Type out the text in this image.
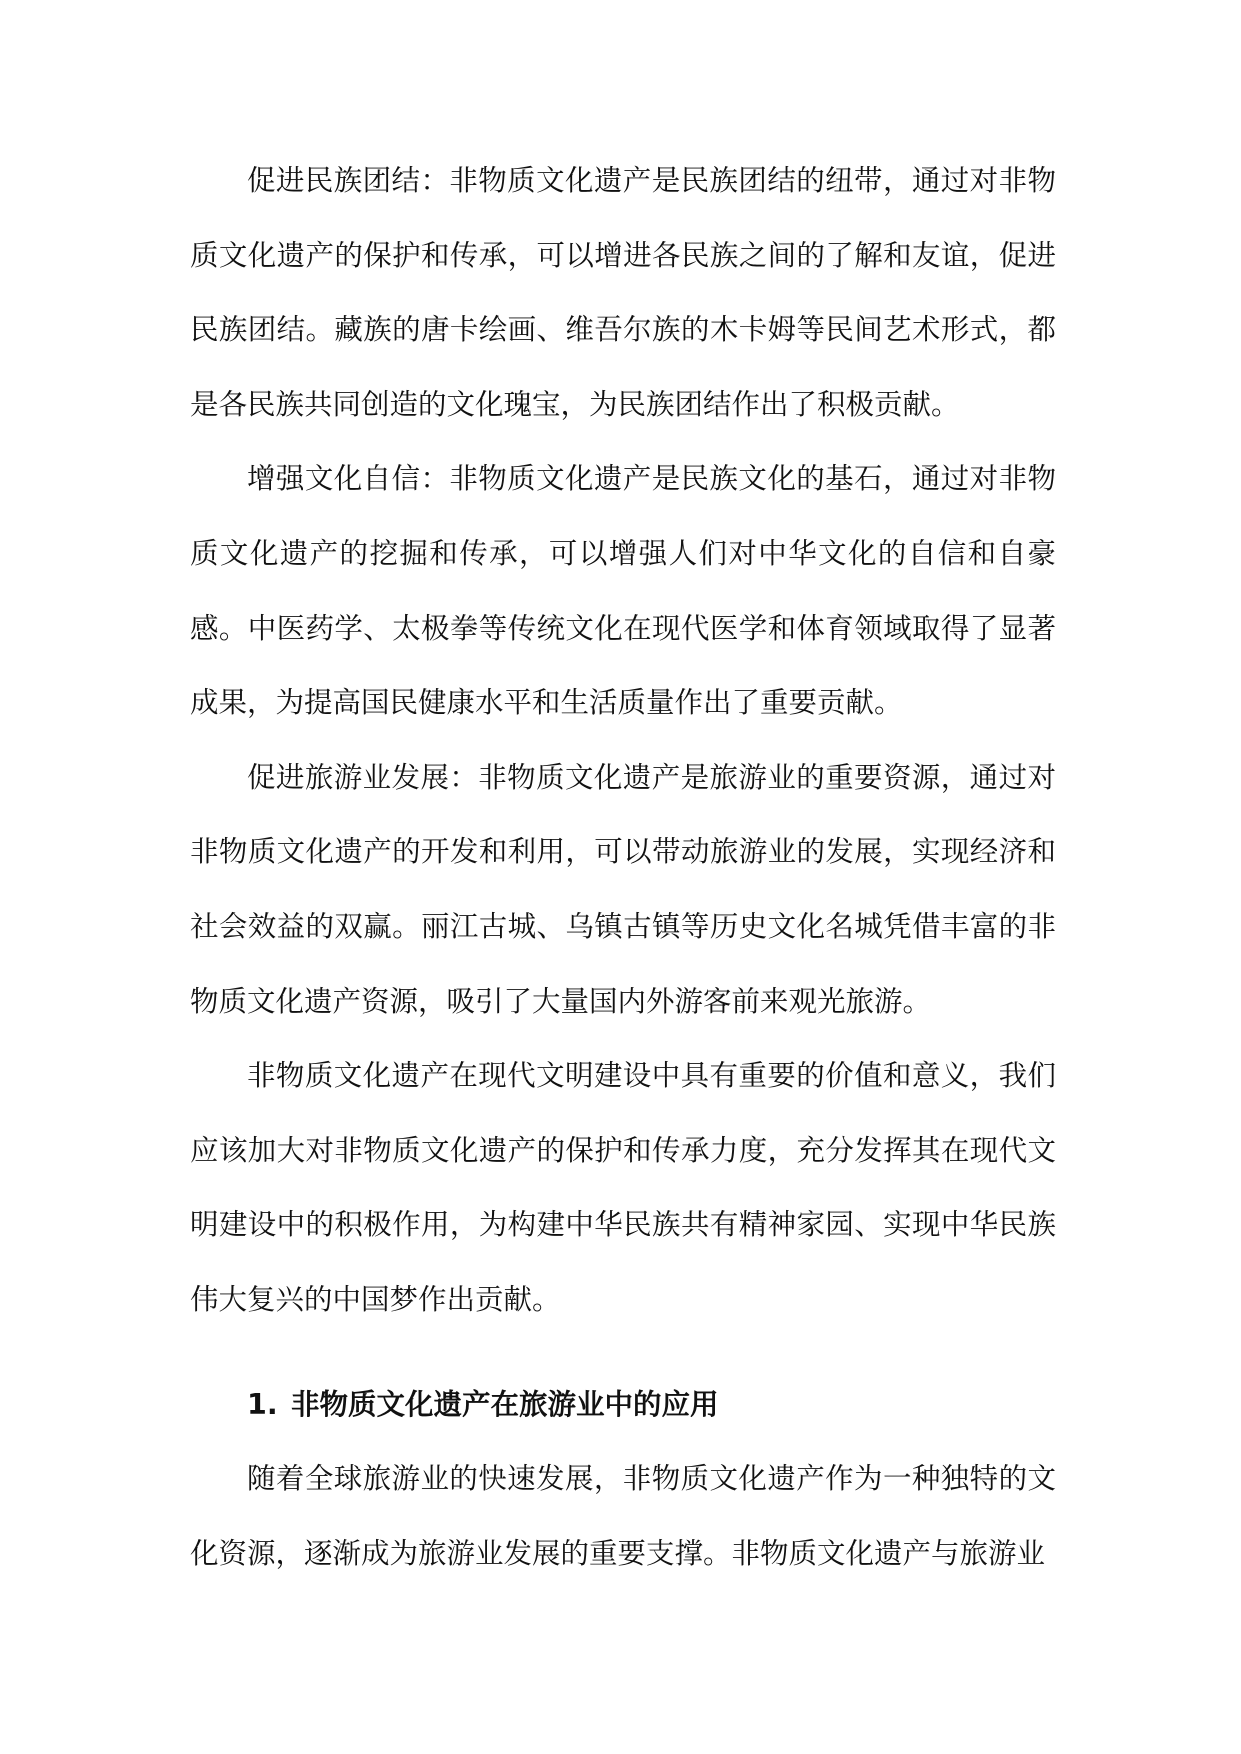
促进民族团结：非物质文化遗产是民族团结的纽带，通过对非物质文化遗产的保护和传承，可以增进各民族之间的了解和友谊，促进民族团结。藏族的唐卡绘画、维吾尔族的木卡姆等民间艺术形式，都是各民族共同创造的文化瑰宝，为民族团结作出了积极贡献。

增强文化自信：非物质文化遗产是民族文化的基石，通过对非物质文化遗产的挖掘和传承，可以增强人们对中华文化的自信和自豪感。中医药学、太极拳等传统文化在现代医学和体育领域取得了显著成果，为提高国民健康水平和生活质量作出了重要贡献。

促进旅游业发展：非物质文化遗产是旅游业的重要资源，通过对非物质文化遗产的开发和利用，可以带动旅游业的发展，实现经济和社会效益的双赢。丽江古城、乌镇古镇等历史文化名城凭借丰富的非物质文化遗产资源，吸引了大量国内外游客前来观光旅游。

非物质文化遗产在现代文明建设中具有重要的价值和意义，我们应该加大对非物质文化遗产的保护和传承力度，充分发挥其在现代文明建设中的积极作用，为构建中华民族共有精神家园、实现中华民族伟大复兴的中国梦作出贡献。

1. 非物质文化遗产在旅游业中的应用

随着全球旅游业的快速发展，非物质文化遗产作为一种独特的文化资源，逐渐成为旅游业发展的重要支撑。非物质文化遗产与旅游业
